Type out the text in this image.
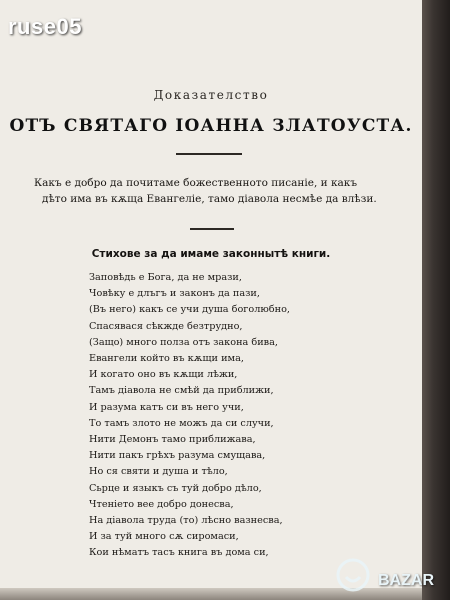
Доказателство
ОТЪ СВЯТАГО ІОАННА ЗЛАТОУСТА.
Какъ е добро да почитаме божественното писаніе, и какъ
дѣто има въ кѫща Евангеліе, тамо діавола несмѣе да влѣзи.
Стихове за да имаме законнытѣ книги.
Заповѣдь е Бога, да не мрази,
Човѣку е длъгъ и законъ да пази,
(Въ него) какъ се учи душа боголюбно,
Спасявася сѣкжде безтрудно,
(Защо) много полза отъ закона бива,
Евангели който въ кѫщи има,
И когато оно въ кѫщи лѣжи,
Тамъ діавола не смѣй да приближи,
И разума катъ си въ него учи,
То тамъ злото не можъ да си случи,
Нити Демонъ тамо приближава,
Нити пакъ грѣхъ разума смущава,
Но ся святи и душа и тѣло,
Сьрце и языкъ съ туй добро дѣло,
Чтеніето вее добро донесва,
На діавола труда (то) лѣсно вазнесва,
И за туй много сѫ сиромаси,
Кои нѣматъ тасъ книга въ дома си,
ruse05
BAZAR
